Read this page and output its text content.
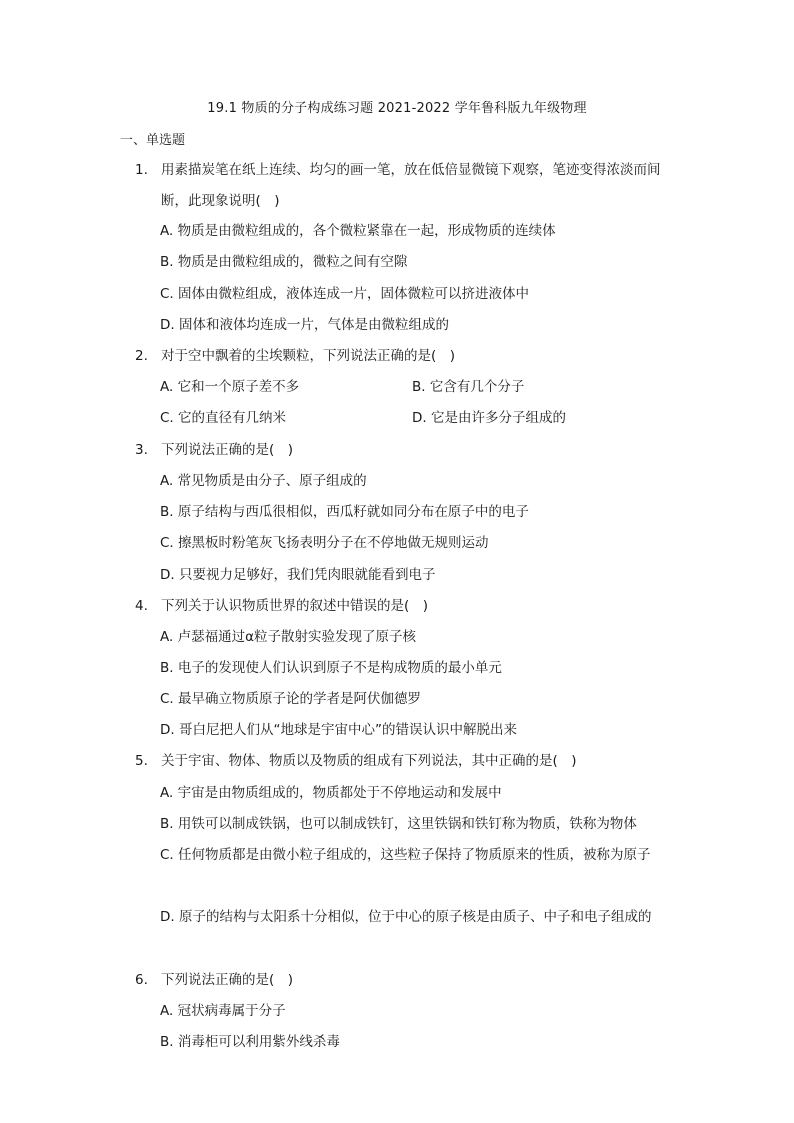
19.1 物质的分子构成练习题 2021-2022 学年鲁科版九年级物理
一、单选题
1. 用素描炭笔在纸上连续、均匀的画一笔，放在低倍显微镜下观察，笔迹变得浓淡而间断，此现象说明(　)
A. 物质是由微粒组成的，各个微粒紧靠在一起，形成物质的连续体
B. 物质是由微粒组成的，微粒之间有空隙
C. 固体由微粒组成，液体连成一片，固体微粒可以挤进液体中
D. 固体和液体均连成一片，气体是由微粒组成的
2. 对于空中飘着的尘埃颗粒，下列说法正确的是(　)
A. 它和一个原子差不多	B. 它含有几个分子
C. 它的直径有几纳米	D. 它是由许多分子组成的
3. 下列说法正确的是(　)
A. 常见物质是由分子、原子组成的
B. 原子结构与西瓜很相似，西瓜籽就如同分布在原子中的电子
C. 擦黑板时粉笔灰飞扬表明分子在不停地做无规则运动
D. 只要视力足够好，我们凭肉眼就能看到电子
4. 下列关于认识物质世界的叙述中错误的是(　)
A. 卢瑟福通过α粒子散射实验发现了原子核
B. 电子的发现使人们认识到原子不是构成物质的最小单元
C. 最早确立物质原子论的学者是阿伏伽德罗
D. 哥白尼把人们从“地球是宇宙中心”的错误认识中解脱出来
5. 关于宇宙、物体、物质以及物质的组成有下列说法，其中正确的是(　)
A. 宇宙是由物质组成的，物质都处于不停地运动和发展中
B. 用铁可以制成铁锅，也可以制成铁钉，这里铁锅和铁钉称为物质，铁称为物体
C. 任何物质都是由微小粒子组成的，这些粒子保持了物质原来的性质，被称为原子
D. 原子的结构与太阳系十分相似，位于中心的原子核是由质子、中子和电子组成的
6. 下列说法正确的是(　)
A. 冠状病毒属于分子
B. 消毒柜可以利用紫外线杀毒
